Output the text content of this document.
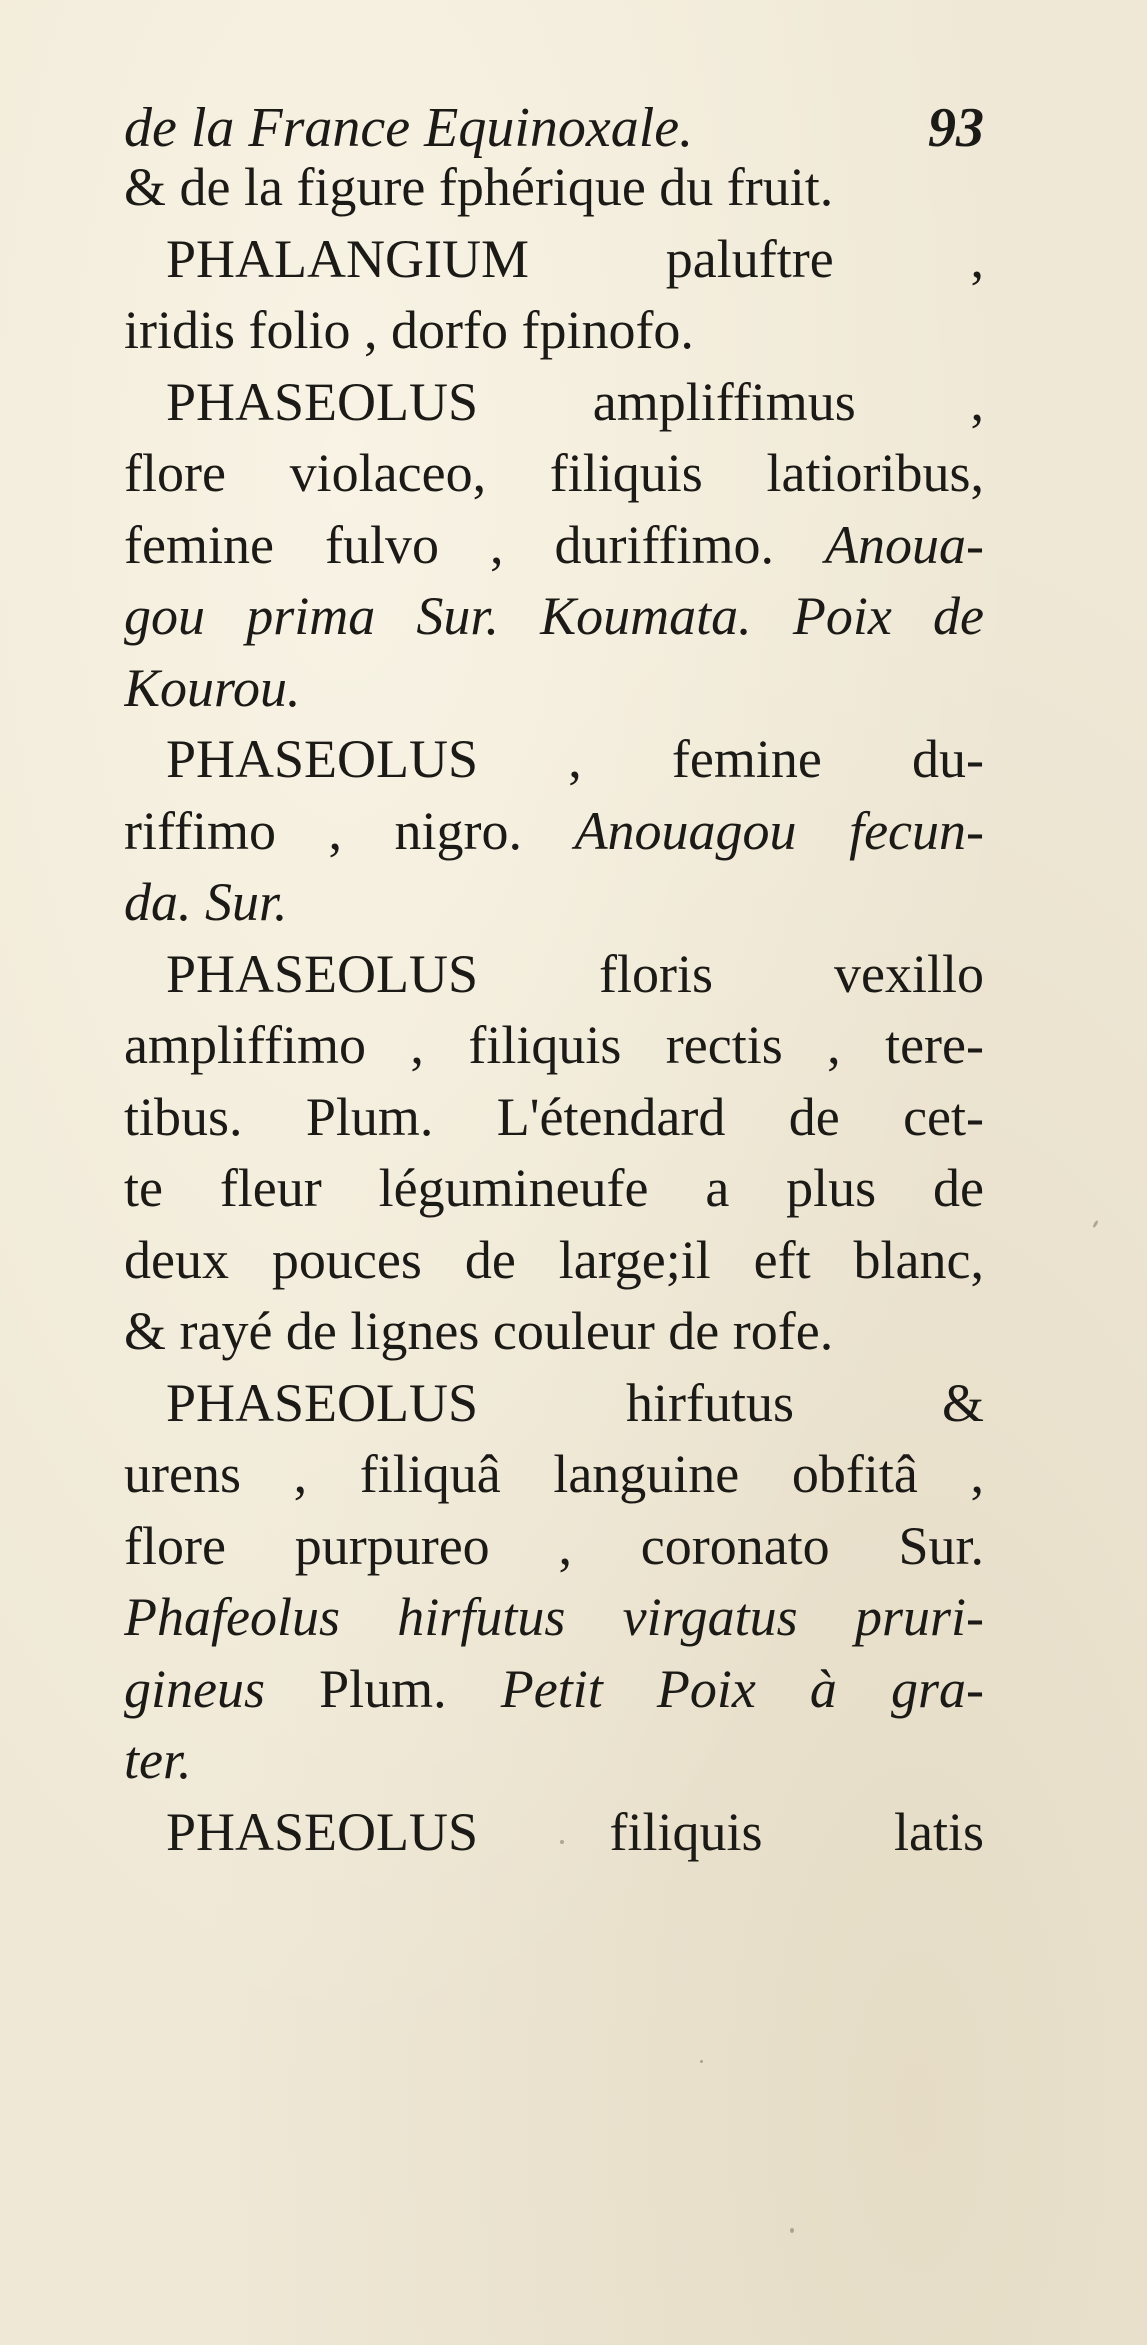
de la France Equinoxale.	93
& de la figure fphérique du fruit.
PHALANGIUM paluftre ,
iridis folio , dorfo fpinofo.
PHASEOLUS ampliffimus ,
flore violaceo, filiquis latioribus,
femine fulvo , duriffimo. Anoua-
gou prima Sur. Koumata. Poix de
Kourou.
PHASEOLUS , femine du-
riffimo , nigro. Anouagou fecun-
da. Sur.
PHASEOLUS floris vexillo
ampliffimo , filiquis rectis , tere-
tibus. Plum. L'étendard de cet-
te fleur légumineufe a plus de
deux pouces de large;il eft blanc,
& rayé de lignes couleur de rofe.
PHASEOLUS hirfutus &
urens , filiquâ languine obfitâ ,
flore purpureo , coronato Sur.
Phafeolus hirfutus virgatus pruri-
gineus Plum. Petit Poix à gra-
ter.
PHASEOLUS filiquis latis
